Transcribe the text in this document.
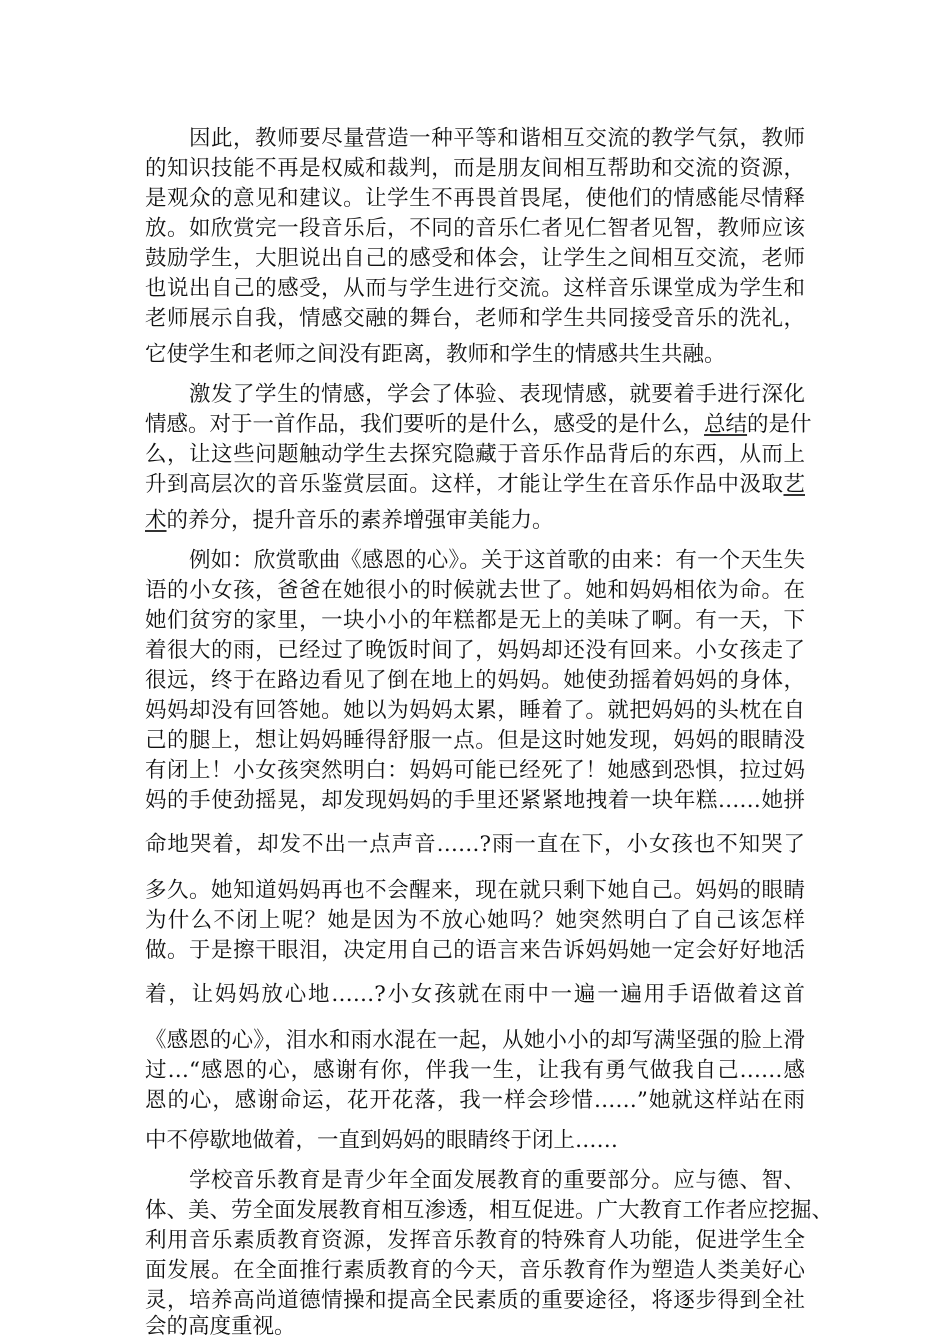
因此，教师要尽量营造一种平等和谐相互交流的教学气氛，教师
的知识技能不再是权威和裁判，而是朋友间相互帮助和交流的资源，
是观众的意见和建议。让学生不再畏首畏尾，使他们的情感能尽情释
放。如欣赏完一段音乐后，不同的音乐仁者见仁智者见智，教师应该
鼓励学生，大胆说出自己的感受和体会，让学生之间相互交流，老师
也说出自己的感受，从而与学生进行交流。这样音乐课堂成为学生和
老师展示自我，情感交融的舞台，老师和学生共同接受音乐的洗礼，
它使学生和老师之间没有距离，教师和学生的情感共生共融。
激发了学生的情感，学会了体验、表现情感，就要着手进行深化
情感。对于一首作品，我们要听的是什么，感受的是什么，总结的是什
么，让这些问题触动学生去探究隐藏于音乐作品背后的东西，从而上
升到高层次的音乐鉴赏层面。这样，才能让学生在音乐作品中汲取艺
术的养分，提升音乐的素养增强审美能力。
例如：欣赏歌曲《感恩的心》。关于这首歌的由来：有一个天生失
语的小女孩，爸爸在她很小的时候就去世了。她和妈妈相依为命。在
她们贫穷的家里，一块小小的年糕都是无上的美味了啊。有一天，下
着很大的雨，已经过了晚饭时间了，妈妈却还没有回来。小女孩走了
很远，终于在路边看见了倒在地上的妈妈。她使劲摇着妈妈的身体，
妈妈却没有回答她。她以为妈妈太累，睡着了。就把妈妈的头枕在自
己的腿上，想让妈妈睡得舒服一点。但是这时她发现，妈妈的眼睛没
有闭上！小女孩突然明白：妈妈可能已经死了！她感到恐惧，拉过妈
妈的手使劲摇晃，却发现妈妈的手里还紧紧地拽着一块年糕……她拼
命地哭着，却发不出一点声音……?雨一直在下，小女孩也不知哭了
多久。她知道妈妈再也不会醒来，现在就只剩下她自己。妈妈的眼睛
为什么不闭上呢？她是因为不放心她吗？她突然明白了自己该怎样
做。于是擦干眼泪，决定用自己的语言来告诉妈妈她一定会好好地活
着，让妈妈放心地……?小女孩就在雨中一遍一遍用手语做着这首
《感恩的心》，泪水和雨水混在一起，从她小小的却写满坚强的脸上滑
过…“感恩的心，感谢有你，伴我一生，让我有勇气做我自己……感
恩的心，感谢命运，花开花落，我一样会珍惜……”她就这样站在雨
中不停歇地做着，一直到妈妈的眼睛终于闭上……
学校音乐教育是青少年全面发展教育的重要部分。应与德、智、
体、美、劳全面发展教育相互渗透，相互促进。广大教育工作者应挖掘、
利用音乐素质教育资源，发挥音乐教育的特殊育人功能，促进学生全
面发展。在全面推行素质教育的今天，音乐教育作为塑造人类美好心
灵，培养高尚道德情操和提高全民素质的重要途径，将逐步得到全社
会的高度重视。
